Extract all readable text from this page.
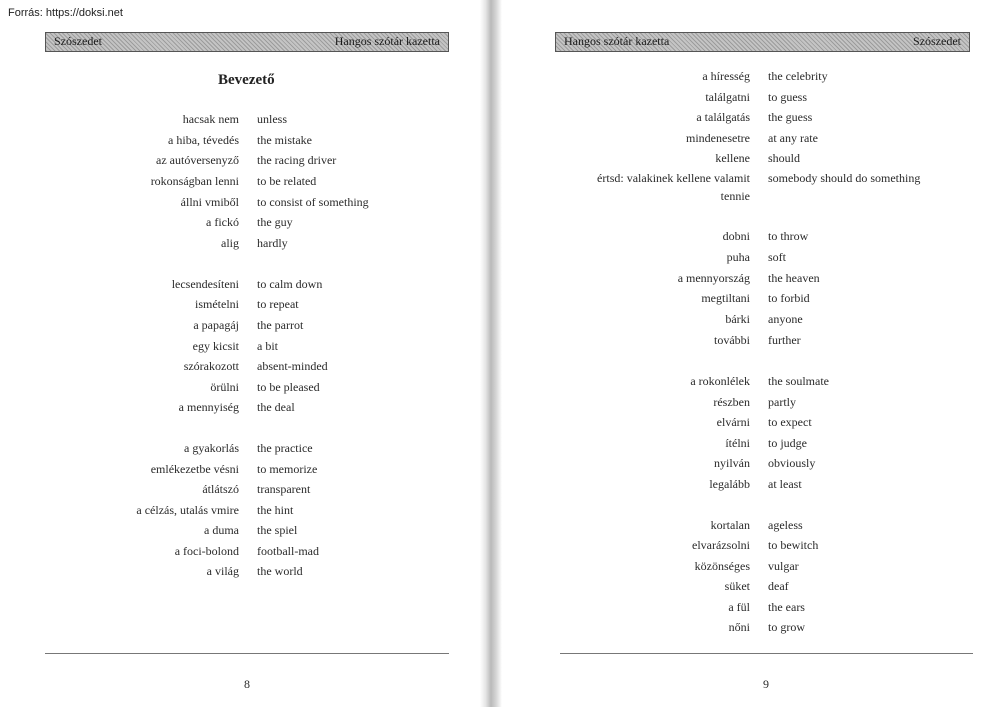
Forrás: https://doksi.net
Szószedet	Hangos szótár kazetta
Bevezető
hacsak nem unless
a hiba, tévedés the mistake
az autóversenyző the racing driver
rokonságban lenni to be related
állni vmiből to consist of something
a fickó the guy
alig hardly
lecsendesíteni to calm down
ismételni to repeat
a papagáj the parrot
egy kicsit a bit
szórakozott absent-minded
örülni to be pleased
a mennyiség the deal
a gyakorlás the practice
emlékezetbe vésni to memorize
átlátszó transparent
a célzás, utalás vmire the hint
a duma the spiel
a foci-bolond football-mad
a világ the world
8
Hangos szótár kazetta	Szószedet
a híresség the celebrity
találgatni to guess
a találgatás the guess
mindenesetre at any rate
kellene should
értsd: valakinek kellene valamit
tennie
somebody should do something
dobni to throw
puha soft
a mennyország the heaven
megtiltani to forbid
bárki anyone
további further
a rokonlélek the soulmate
részben partly
elvárni to expect
ítélni to judge
nyilván obviously
legalább at least
kortalan ageless
elvarázsolni to bewitch
közönséges vulgar
süket deaf
a fül the ears
nőni to grow
9
